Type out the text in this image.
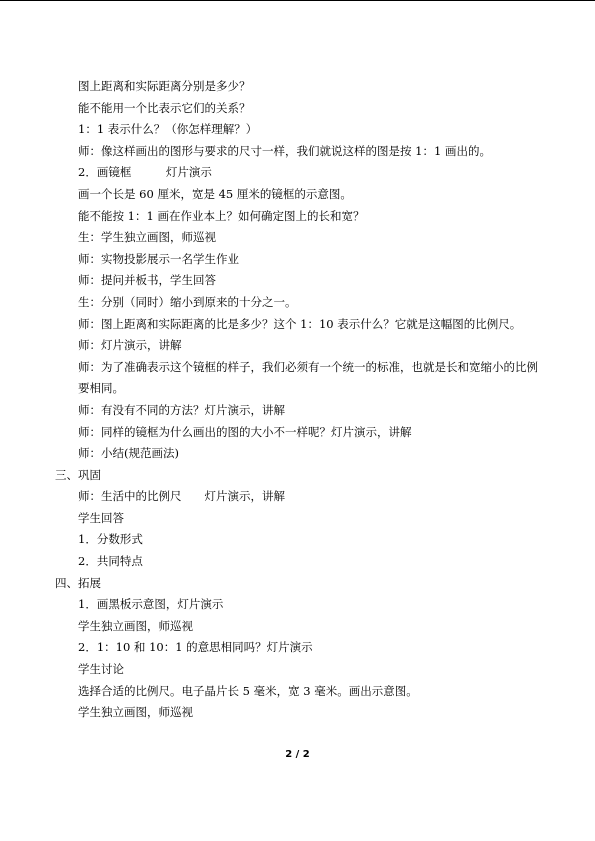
图上距离和实际距离分别是多少？
能不能用一个比表示它们的关系？
1：1 表示什么？（你怎样理解？）
师：像这样画出的图形与要求的尺寸一样，我们就说这样的图是按 1：1 画出的。
2．画镜框　　　灯片演示
画一个长是 60 厘米，宽是 45 厘米的镜框的示意图。
能不能按 1：1 画在作业本上？如何确定图上的长和宽？
生：学生独立画图，师巡视
师：实物投影展示一名学生作业
师：提问并板书，学生回答
生：分别（同时）缩小到原来的十分之一。
师：图上距离和实际距离的比是多少？这个 1：10 表示什么？它就是这幅图的比例尺。
师：灯片演示，讲解
师：为了准确表示这个镜框的样子，我们必须有一个统一的标准，也就是长和宽缩小的比例要相同。
师：有没有不同的方法？灯片演示，讲解
师：同样的镜框为什么画出的图的大小不一样呢？灯片演示，讲解
师：小结(规范画法)
三、巩固
师：生活中的比例尺　　灯片演示，讲解
学生回答
1．分数形式
2．共同特点
四、拓展
1．画黑板示意图，灯片演示
学生独立画图，师巡视
2．1：10 和 10：1 的意思相同吗？灯片演示
学生讨论
选择合适的比例尺。电子晶片长 5 毫米，宽 3 毫米。画出示意图。
学生独立画图，师巡视
2 / 2
